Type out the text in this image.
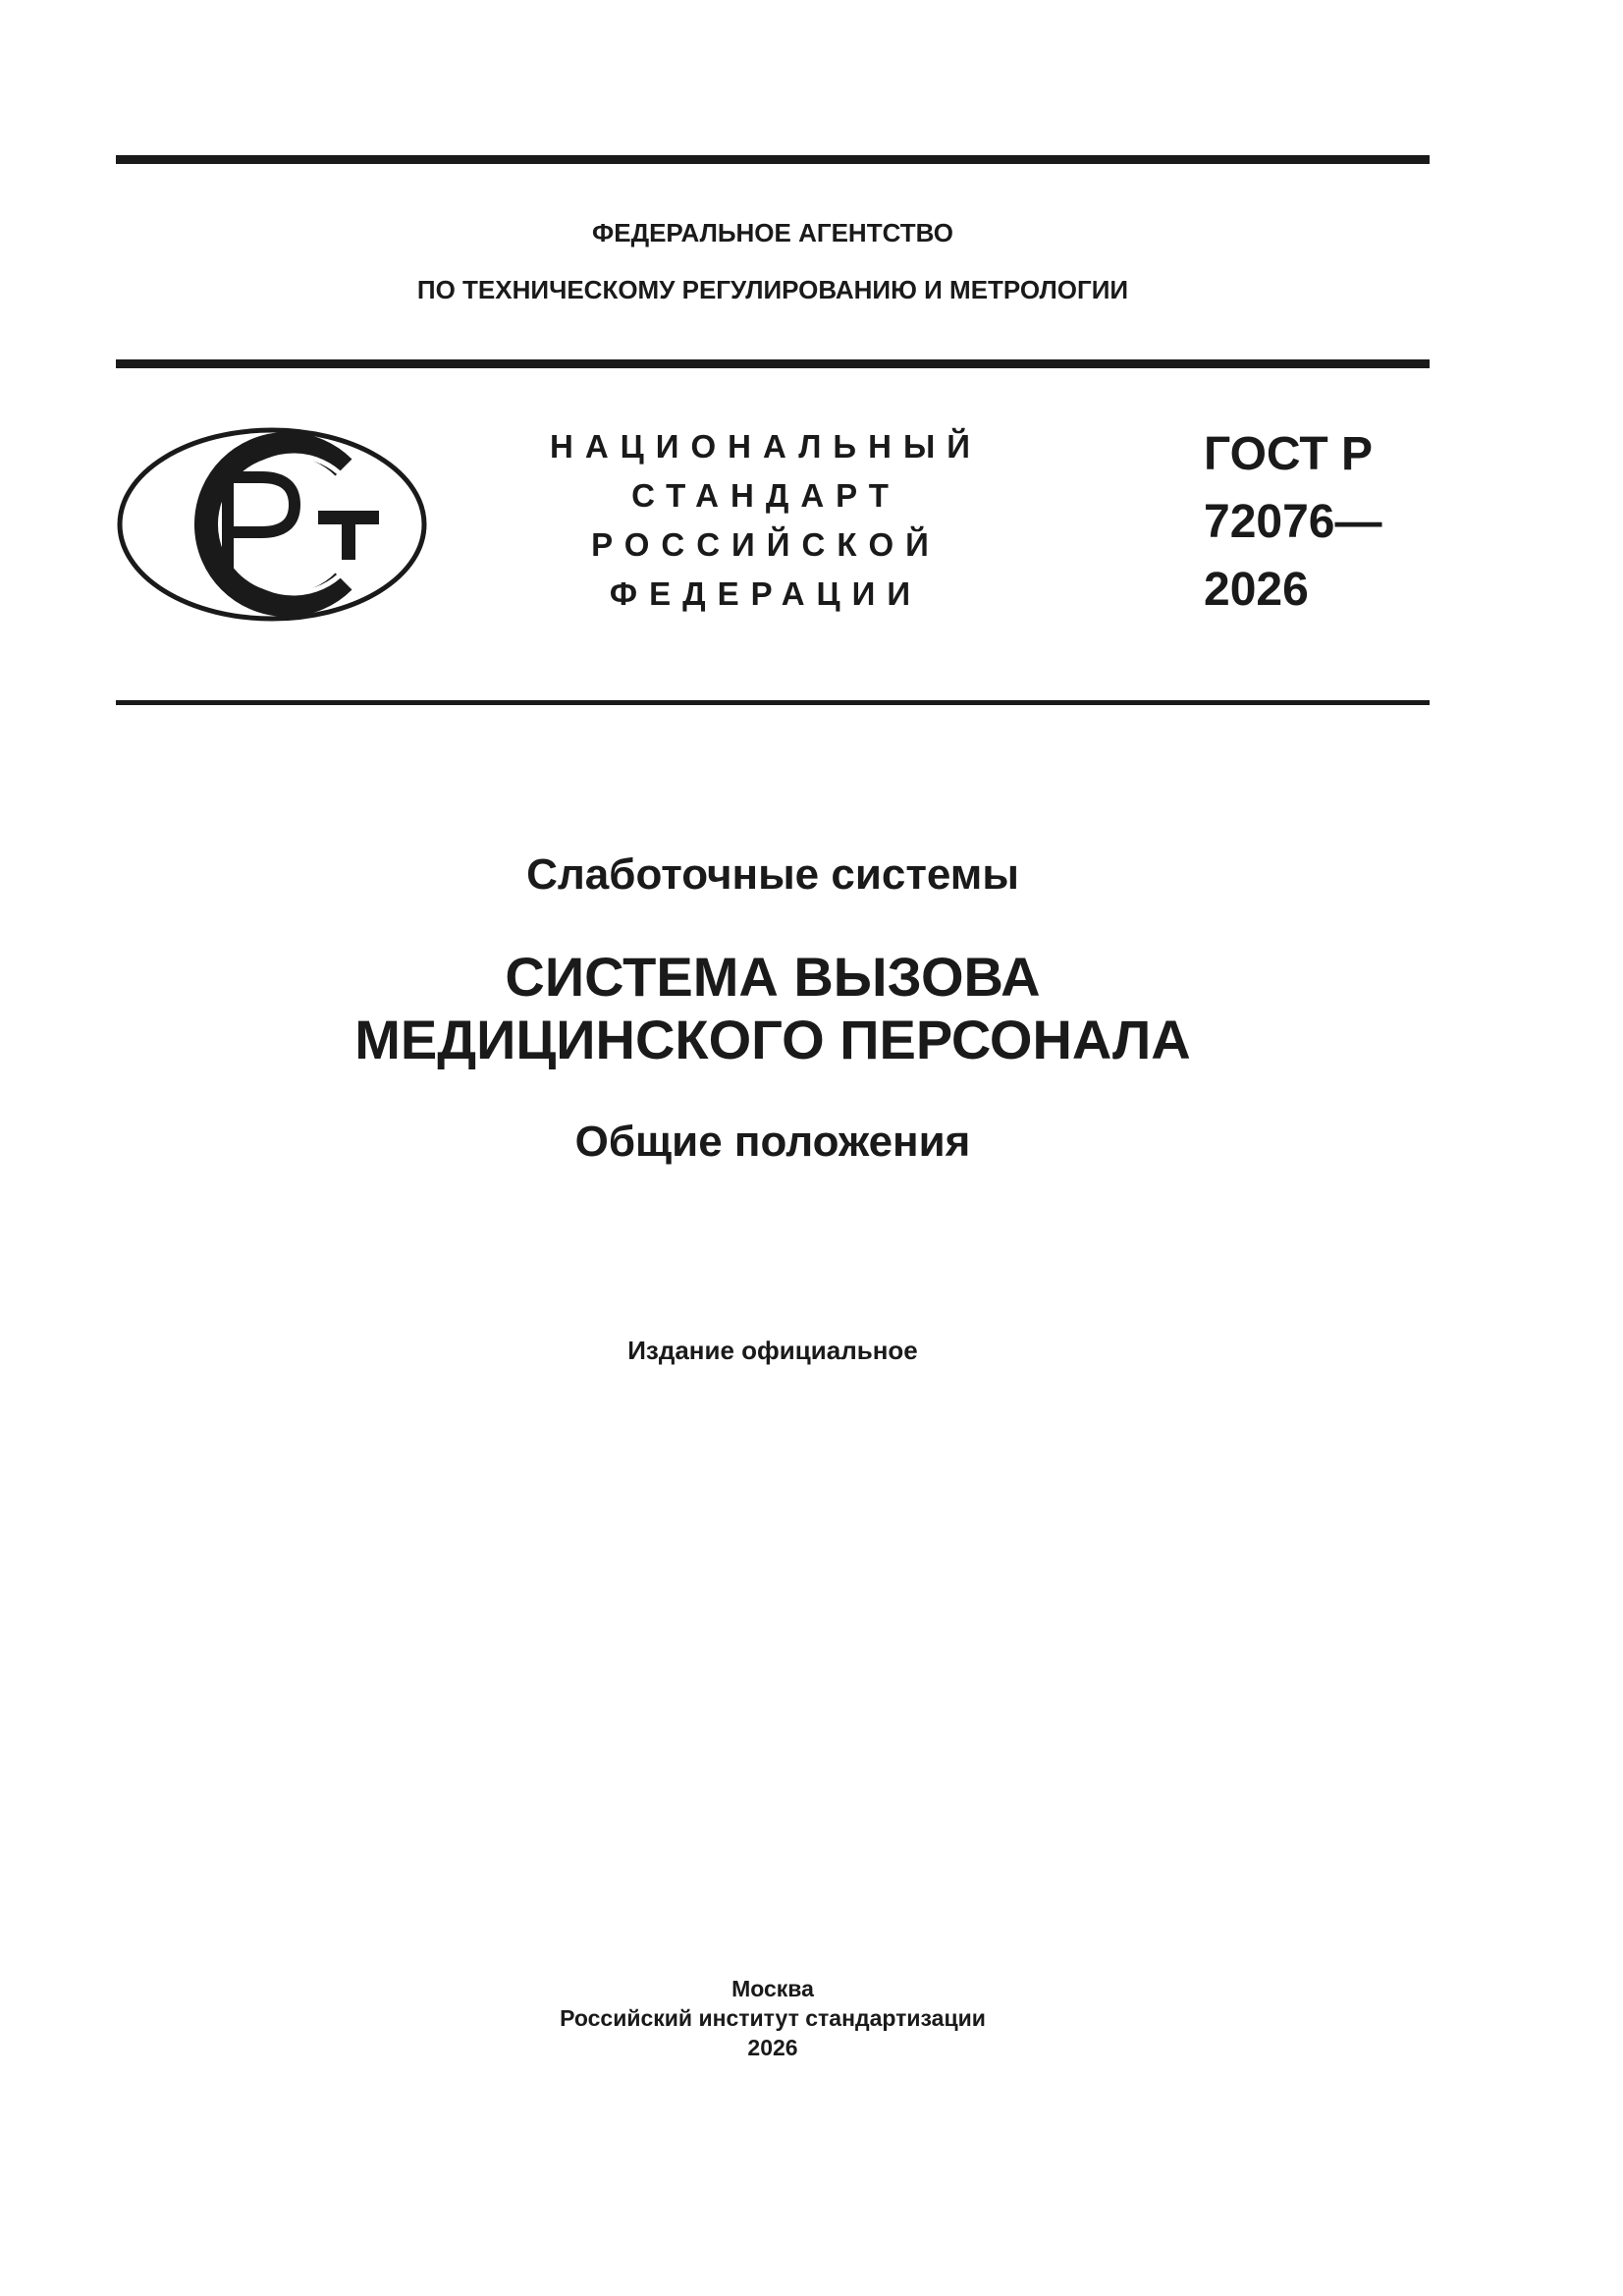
ФЕДЕРАЛЬНОЕ АГЕНТСТВО
ПО ТЕХНИЧЕСКОМУ РЕГУЛИРОВАНИЮ И МЕТРОЛОГИИ
НАЦИОНАЛЬНЫЙ
СТАНДАРТ
РОССИЙСКОЙ
ФЕДЕРАЦИИ
ГОСТ Р
72076—
2026
Слаботочные системы
СИСТЕМА ВЫЗОВА
МЕДИЦИНСКОГО ПЕРСОНАЛА
Общие положения
Издание официальное
Москва
Российский институт стандартизации
2026
